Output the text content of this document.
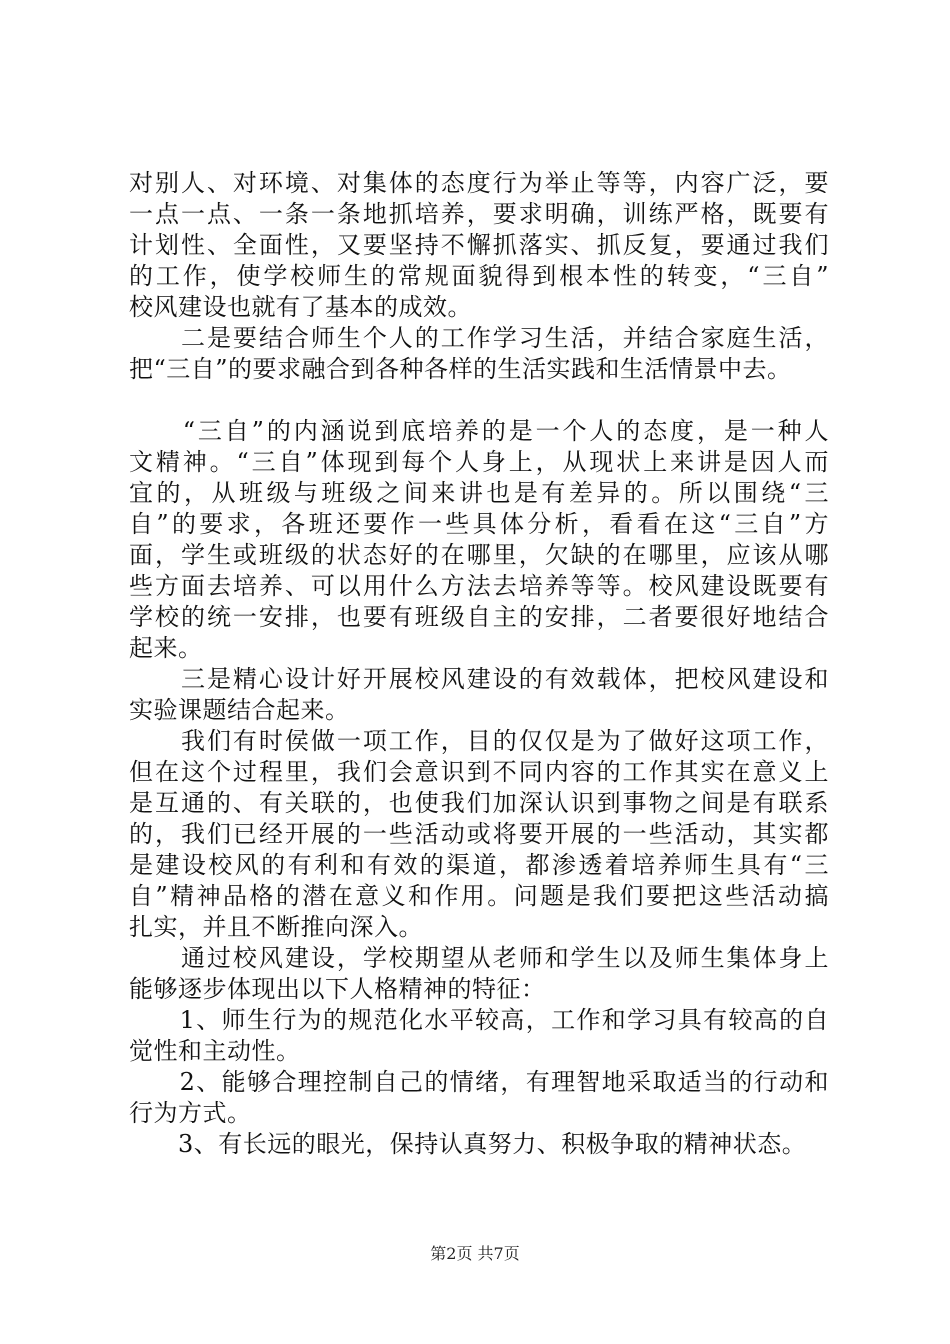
对别人、对环境、对集体的态度行为举止等等，内容广泛，要
一点一点、一条一条地抓培养，要求明确，训练严格，既要有
计划性、全面性，又要坚持不懈抓落实、抓反复，要通过我们
的工作，使学校师生的常规面貌得到根本性的转变，“三自”
校风建设也就有了基本的成效。
　　二是要结合师生个人的工作学习生活，并结合家庭生活，
把“三自”的要求融合到各种各样的生活实践和生活情景中去。
　　“三自”的内涵说到底培养的是一个人的态度，是一种人
文精神。“三自”体现到每个人身上，从现状上来讲是因人而
宜的，从班级与班级之间来讲也是有差异的。所以围绕“三
自”的要求，各班还要作一些具体分析，看看在这“三自”方
面，学生或班级的状态好的在哪里，欠缺的在哪里，应该从哪
些方面去培养、可以用什么方法去培养等等。校风建设既要有
学校的统一安排，也要有班级自主的安排，二者要很好地结合
起来。
　　三是精心设计好开展校风建设的有效载体，把校风建设和
实验课题结合起来。
　　我们有时侯做一项工作，目的仅仅是为了做好这项工作，
但在这个过程里，我们会意识到不同内容的工作其实在意义上
是互通的、有关联的，也使我们加深认识到事物之间是有联系
的，我们已经开展的一些活动或将要开展的一些活动，其实都
是建设校风的有利和有效的渠道，都渗透着培养师生具有“三
自”精神品格的潜在意义和作用。问题是我们要把这些活动搞
扎实，并且不断推向深入。
　　通过校风建设，学校期望从老师和学生以及师生集体身上
能够逐步体现出以下人格精神的特征：
　　1、师生行为的规范化水平较高，工作和学习具有较高的自
觉性和主动性。
　　2、能够合理控制自己的情绪，有理智地采取适当的行动和
行为方式。
　　3、有长远的眼光，保持认真努力、积极争取的精神状态。
第2页 共7页
